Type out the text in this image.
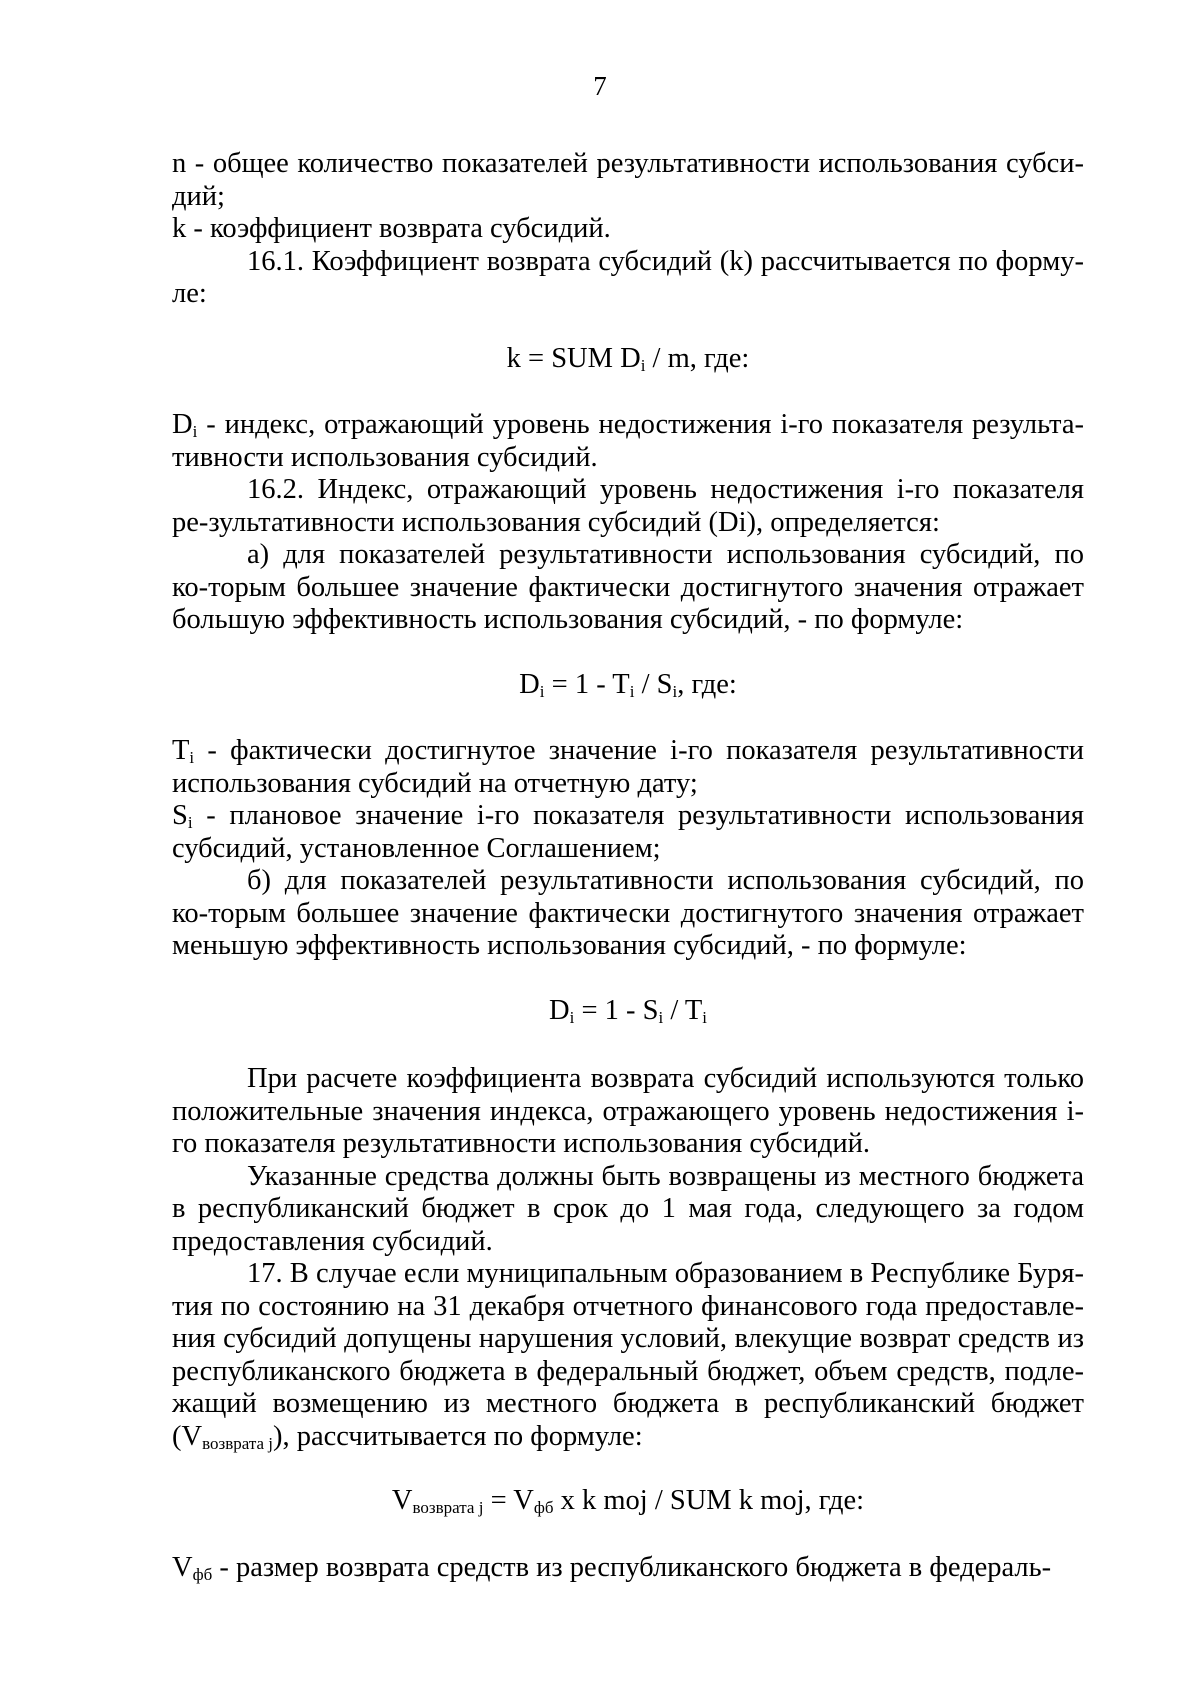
7

n - общее количество показателей результативности использования субси-дий;

k - коэффициент возврата субсидий.

16.1. Коэффициент возврата субсидий (k) рассчитывается по форму-ле:

k = SUM $D_i$ / m, где:

$D_i$ - индекс, отражающий уровень недостижения i-го показателя результа-тивности использования субсидий.

16.2. Индекс, отражающий уровень недостижения i-го показателя ре-зультативности использования субсидий (Di), определяется:

а) для показателей результативности использования субсидий, по ко-торым большее значение фактически достигнутого значения отражает большую эффективность использования субсидий, - по формуле:

$D_i = 1 - T_i / S_i$, где:

$T_i$ - фактически достигнутое значение i-го показателя результативности использования субсидий на отчетную дату;

$S_i$ - плановое значение i-го показателя результативности использования субсидий, установленное Соглашением;

б) для показателей результативности использования субсидий, по ко-торым большее значение фактически достигнутого значения отражает меньшую эффективность использования субсидий, - по формуле:

$D_i = 1 - S_i / T_i$

При расчете коэффициента возврата субсидий используются только положительные значения индекса, отражающего уровень недостижения i-го показателя результативности использования субсидий.

Указанные средства должны быть возвращены из местного бюджета в республиканский бюджет в срок до 1 мая года, следующего за годом предоставления субсидий.

17. В случае если муниципальным образованием в Республике Буря-тия по состоянию на 31 декабря отчетного финансового года предоставле-ния субсидий допущены нарушения условий, влекущие возврат средств из республиканского бюджета в федеральный бюджет, объем средств, подле-жащий возмещению из местного бюджета в республиканский бюджет $(V_{возврата j})$, рассчитывается по формуле:

$V_{возврата j} = V_{фб}$ x k moj / SUM k moj, где:

$V_{фб}$ - размер возврата средств из республиканского бюджета в федераль-
